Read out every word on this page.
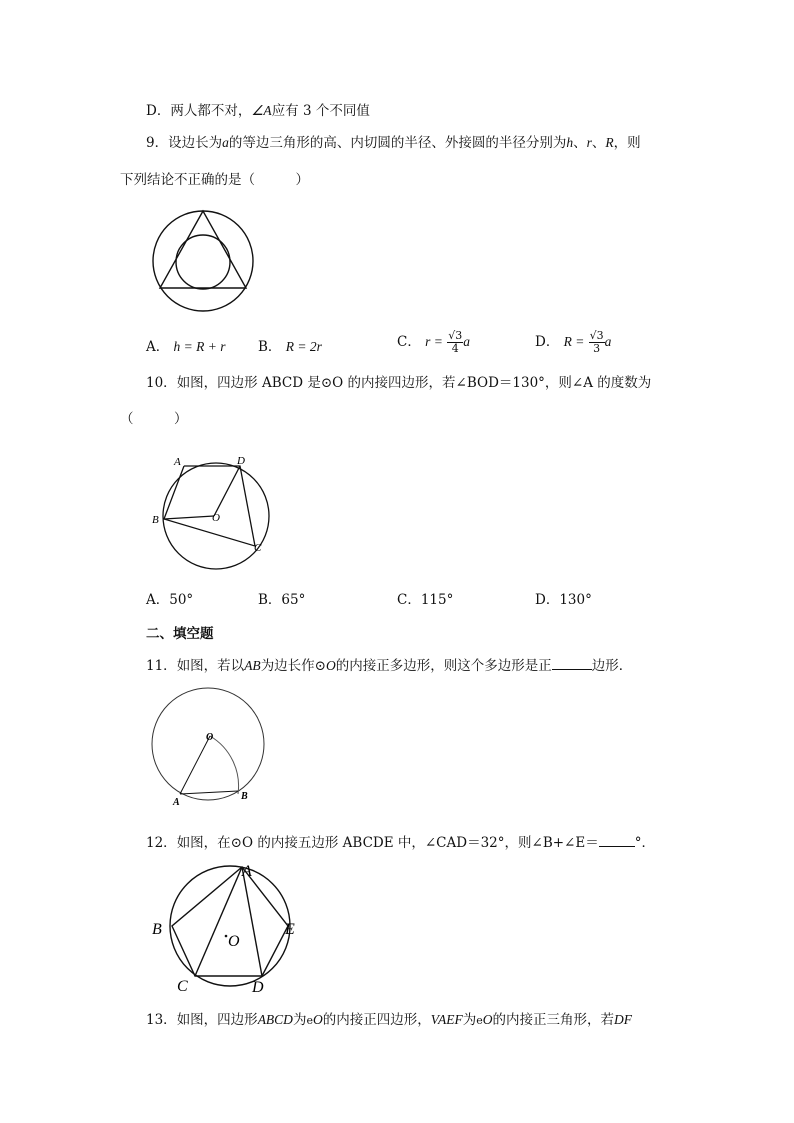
D．两人都不对，∠A应有 3 个不同值
9．设边长为a的等边三角形的高、内切圆的半径、外接圆的半径分别为h、r、R，则
下列结论不正确的是（　　　）
A． h = R + r B． R = 2r	C． $r = \frac{√3}{4}$ a	D． $R = \frac{√3}{3}$ a
10．如图，四边形 ABCD 是⊙O 的内接四边形，若∠BOD＝130°，则∠A 的度数为
（　　　）
A	D
B	O
C
A．50°	B．65°	C．115°	D．130°
二、填空题
11．如图，若以AB为边长作⊙O的内接正多边形，则这个多边形是正	边形．
O
A
B
12．如图，在⊙O 的内接五边形 ABCDE 中，∠CAD＝32°，则∠B+∠E＝	°．
A
B
C	D
E
O
13．如图，四边形ABCD为eO的内接正四边形，VAEF为eO的内接正三角形，若DF
